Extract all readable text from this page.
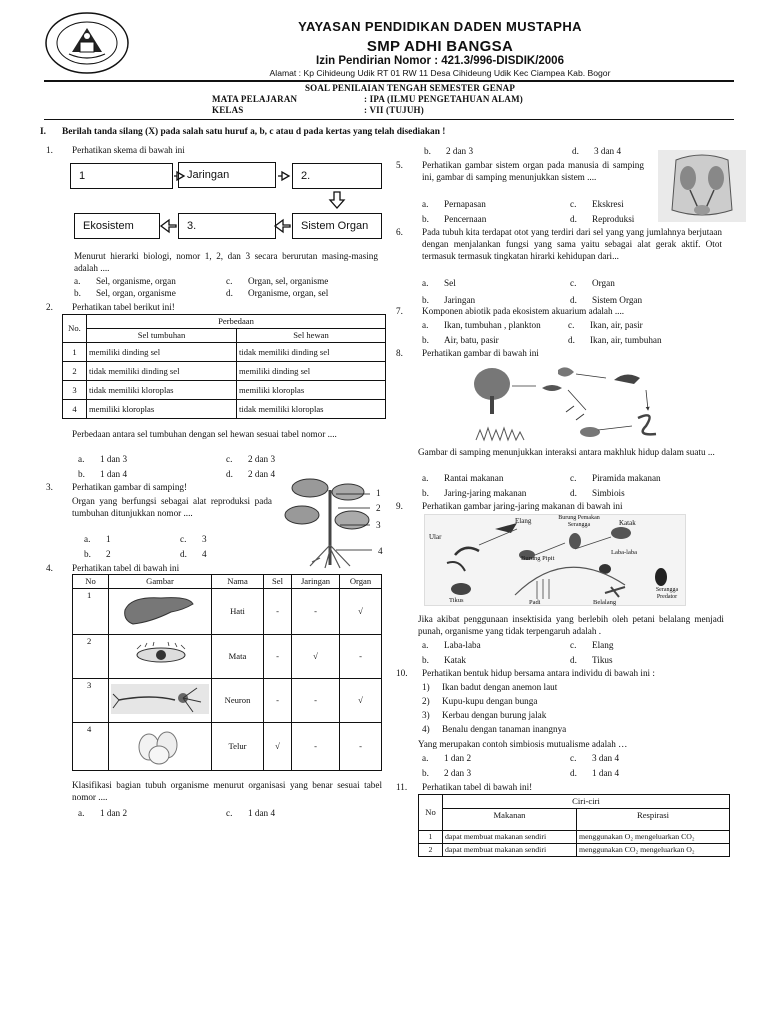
YAYASAN PENDIDIKAN DADEN MUSTAPHA
SMP ADHI BANGSA
Izin Pendirian Nomor : 421.3/996-DISDIK/2006
Alamat : Kp Cihideung Udik RT 01 RW 11 Desa Cihideung Udik Kec Ciampea Kab. Bogor
SOAL PENILAIAN TENGAH SEMESTER GENAP
MATA PELAJARAN	: IPA (ILMU PENGETAHUAN ALAM)
KELAS	: VII (TUJUH)
I. Berilah tanda silang (X) pada salah satu huruf a, b, c atau d pada kertas yang telah disediakan !
1.	Perhatikan skema di bawah ini
1	Jaringan	2.
Ekosistem	3.	Sistem Organ
Menurut hierarki biologi, nomor 1, 2, dan 3 secara berurutan masing-masing adalah ....
a.	Sel, organisme, organ	c.	Organ, sel, organisme
b.	Sel, organ, organisme	d.	Organisme, organ, sel
2.	Perhatikan tabel berikut ini!
No.	Perbedaan	
	Sel tumbuhan	Sel hewan
1	memiliki dinding sel	tidak memiliki dinding sel
2	tidak memiliki dinding sel	memiliki dinding sel
3	tidak memiliki kloroplas	memiliki kloroplas
4	memiliki kloroplas	tidak memiliki kloroplas
Perbedaan antara sel tumbuhan dengan sel hewan sesuai tabel nomor ....
a.	1 dan 3	c.	2 dan 3
b.	1 dan 4	d.	2 dan 4
3.	Perhatikan gambar di samping!
Organ yang berfungsi sebagai alat reproduksi pada tumbuhan ditunjukkan nomor ....
a.	1	c.	3
b.	2	d.	4
1
2
3
4
4.	Perhatikan tabel di bawah ini
No	Gambar	Nama	Sel	Jaringan	Organ
1		Hati	-	-	√
2		Mata	-	√	-
3		Neuron	-	-	√
4		Telur	√	-	-
Klasifikasi bagian tubuh organisme menurut organisasi yang benar sesuai tabel nomor ....
a.	1 dan 2	c.	1 dan 4
b.	2 dan 3	d.	3 dan 4
5.	Perhatikan gambar sistem organ pada manusia di samping ini, gambar di samping menunjukkan sistem ....
a.	Pernapasan	c.	Ekskresi
b.	Pencernaan	d.	Reproduksi
6.	Pada tubuh kita terdapat otot yang terdiri dari sel yang yang jumlahnya berjutaan dengan menjalankan fungsi yang sama yaitu sebagai alat gerak aktif. Otot termasuk termasuk tingkatan hirarki kehidupan dari...
a.	Sel	c.	Organ
b.	Jaringan	d.	Sistem Organ
7.	Komponen abiotik pada ekosistem akuarium adalah ....
a.	Ikan, tumbuhan , plankton	c.	Ikan, air, pasir
b.	Air, batu, pasir	d.	Ikan, air, tumbuhan
8.	Perhatikan gambar di bawah ini
Gambar di samping menunjukkan interaksi antara makhluk hidup dalam suatu ...
a.	Rantai makanan	c.	Piramida makanan
b.	Jaring-jaring makanan	d.	Simbiois
9.	Perhatikan gambar jaring-jaring makanan di bawah ini
Elang	Burung Pemakan Serangga	Katak
Ular
Burung Pipit
Laba-laba
Serangga Predator
Tikus	Padi	Belalang
Jika akibat penggunaan insektisida yang berlebih oleh petani belalang menjadi punah, organisme yang tidak terpengaruh adalah .
a.	Laba-laba	c.	Elang
b.	Katak	d.	Tikus
10.	Perhatikan bentuk hidup bersama antara individu di bawah ini :
1)	Ikan badut dengan anemon laut
2)	Kupu-kupu dengan bunga
3)	Kerbau dengan burung jalak
4)	Benalu dengan tanaman inangnya
Yang merupakan contoh simbiosis mutualisme adalah …
a.	1 dan 2	c.	3 dan 4
b.	2 dan 3	d.	1 dan 4
11.	Perhatikan tabel di bawah ini!
No	Ciri-ciri	
	Makanan	Respirasi
1	dapat membuat makanan sendiri	menggunakan O₂ mengeluarkan CO₂
2	dapat membuat makanan sendiri	menggunakan CO₂ mengeluarkan O₂
